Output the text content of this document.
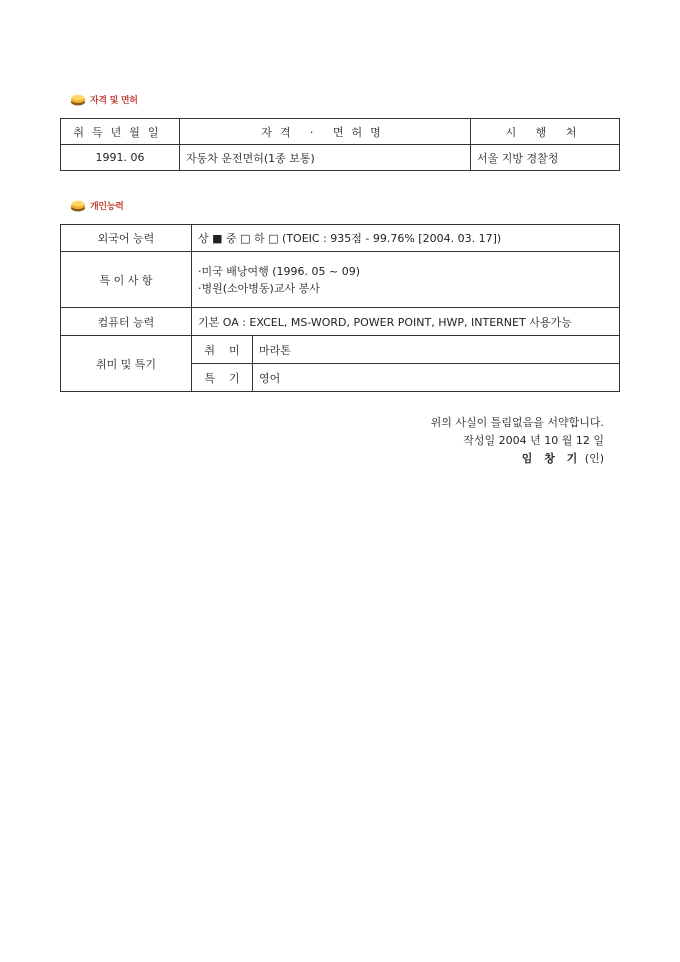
자격 및 면허
취득년월일	자격 · 면허명	시 행 처
1991. 06	자동차 운전면허(1종 보통)	서울 지방 경찰청
개인능력
외국어 능력	상 ■ 중 □ 하 □ (TOEIC : 935점 - 99.76% [2004. 03. 17])	
특 이 사 항	·미국 배낭여행 (1996. 05 ~ 09)
·병원(소아병동)교사 봉사	

컴퓨터 능력	기본 OA : EXCEL, MS-WORD, POWER POINT, HWP, INTERNET 사용가능	
취미 및 특기	취    미	마라톤
	특    기	영어
위의 사실이 틀림없음을 서약합니다.
작성일 2004 년 10 월 12 일
임 창 기 (인)
